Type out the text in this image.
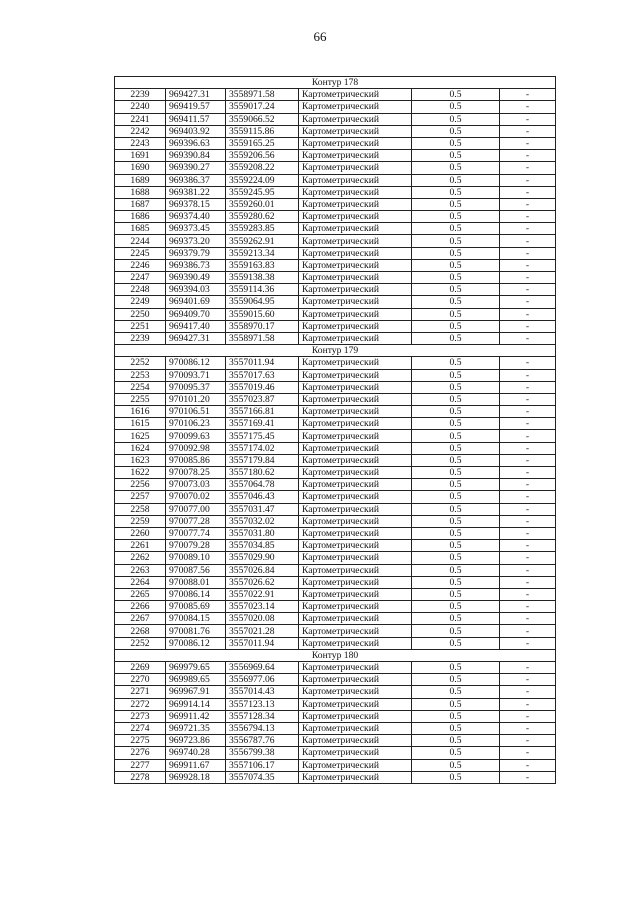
66
Контур 178					
2239	969427.31	3558971.58	Картометрический	0.5	-
2240	969419.57	3559017.24	Картометрический	0.5	-
2241	969411.57	3559066.52	Картометрический	0.5	-
2242	969403.92	3559115.86	Картометрический	0.5	-
2243	969396.63	3559165.25	Картометрический	0.5	-
1691	969390.84	3559206.56	Картометрический	0.5	-
1690	969390.27	3559208.22	Картометрический	0.5	-
1689	969386.37	3559224.09	Картометрический	0.5	-
1688	969381.22	3559245.95	Картометрический	0.5	-
1687	969378.15	3559260.01	Картометрический	0.5	-
1686	969374.40	3559280.62	Картометрический	0.5	-
1685	969373.45	3559283.85	Картометрический	0.5	-
2244	969373.20	3559262.91	Картометрический	0.5	-
2245	969379.79	3559213.34	Картометрический	0.5	-
2246	969386.73	3559163.83	Картометрический	0.5	-
2247	969390.49	3559138.38	Картометрический	0.5	-
2248	969394.03	3559114.36	Картометрический	0.5	-
2249	969401.69	3559064.95	Картометрический	0.5	-
2250	969409.70	3559015.60	Картометрический	0.5	-
2251	969417.40	3558970.17	Картометрический	0.5	-
2239	969427.31	3558971.58	Картометрический	0.5	-
Контур 179					
2252	970086.12	3557011.94	Картометрический	0.5	-
2253	970093.71	3557017.63	Картометрический	0.5	-
2254	970095.37	3557019.46	Картометрический	0.5	-
2255	970101.20	3557023.87	Картометрический	0.5	-
1616	970106.51	3557166.81	Картометрический	0.5	-
1615	970106.23	3557169.41	Картометрический	0.5	-
1625	970099.63	3557175.45	Картометрический	0.5	-
1624	970092.98	3557174.02	Картометрический	0.5	-
1623	970085.86	3557179.84	Картометрический	0.5	-
1622	970078.25	3557180.62	Картометрический	0.5	-
2256	970073.03	3557064.78	Картометрический	0.5	-
2257	970070.02	3557046.43	Картометрический	0.5	-
2258	970077.00	3557031.47	Картометрический	0.5	-
2259	970077.28	3557032.02	Картометрический	0.5	-
2260	970077.74	3557031.80	Картометрический	0.5	-
2261	970079.28	3557034.85	Картометрический	0.5	-
2262	970089.10	3557029.90	Картометрический	0.5	-
2263	970087.56	3557026.84	Картометрический	0.5	-
2264	970088.01	3557026.62	Картометрический	0.5	-
2265	970086.14	3557022.91	Картометрический	0.5	-
2266	970085.69	3557023.14	Картометрический	0.5	-
2267	970084.15	3557020.08	Картометрический	0.5	-
2268	970081.76	3557021.28	Картометрический	0.5	-
2252	970086.12	3557011.94	Картометрический	0.5	-
Контур 180					
2269	969979.65	3556969.64	Картометрический	0.5	-
2270	969989.65	3556977.06	Картометрический	0.5	-
2271	969967.91	3557014.43	Картометрический	0.5	-
2272	969914.14	3557123.13	Картометрический	0.5	-
2273	969911.42	3557128.34	Картометрический	0.5	-
2274	969721.35	3556794.13	Картометрический	0.5	-
2275	969723.86	3556787.76	Картометрический	0.5	-
2276	969740.28	3556799.38	Картометрический	0.5	-
2277	969911.67	3557106.17	Картометрический	0.5	-
2278	969928.18	3557074.35	Картометрический	0.5	-
